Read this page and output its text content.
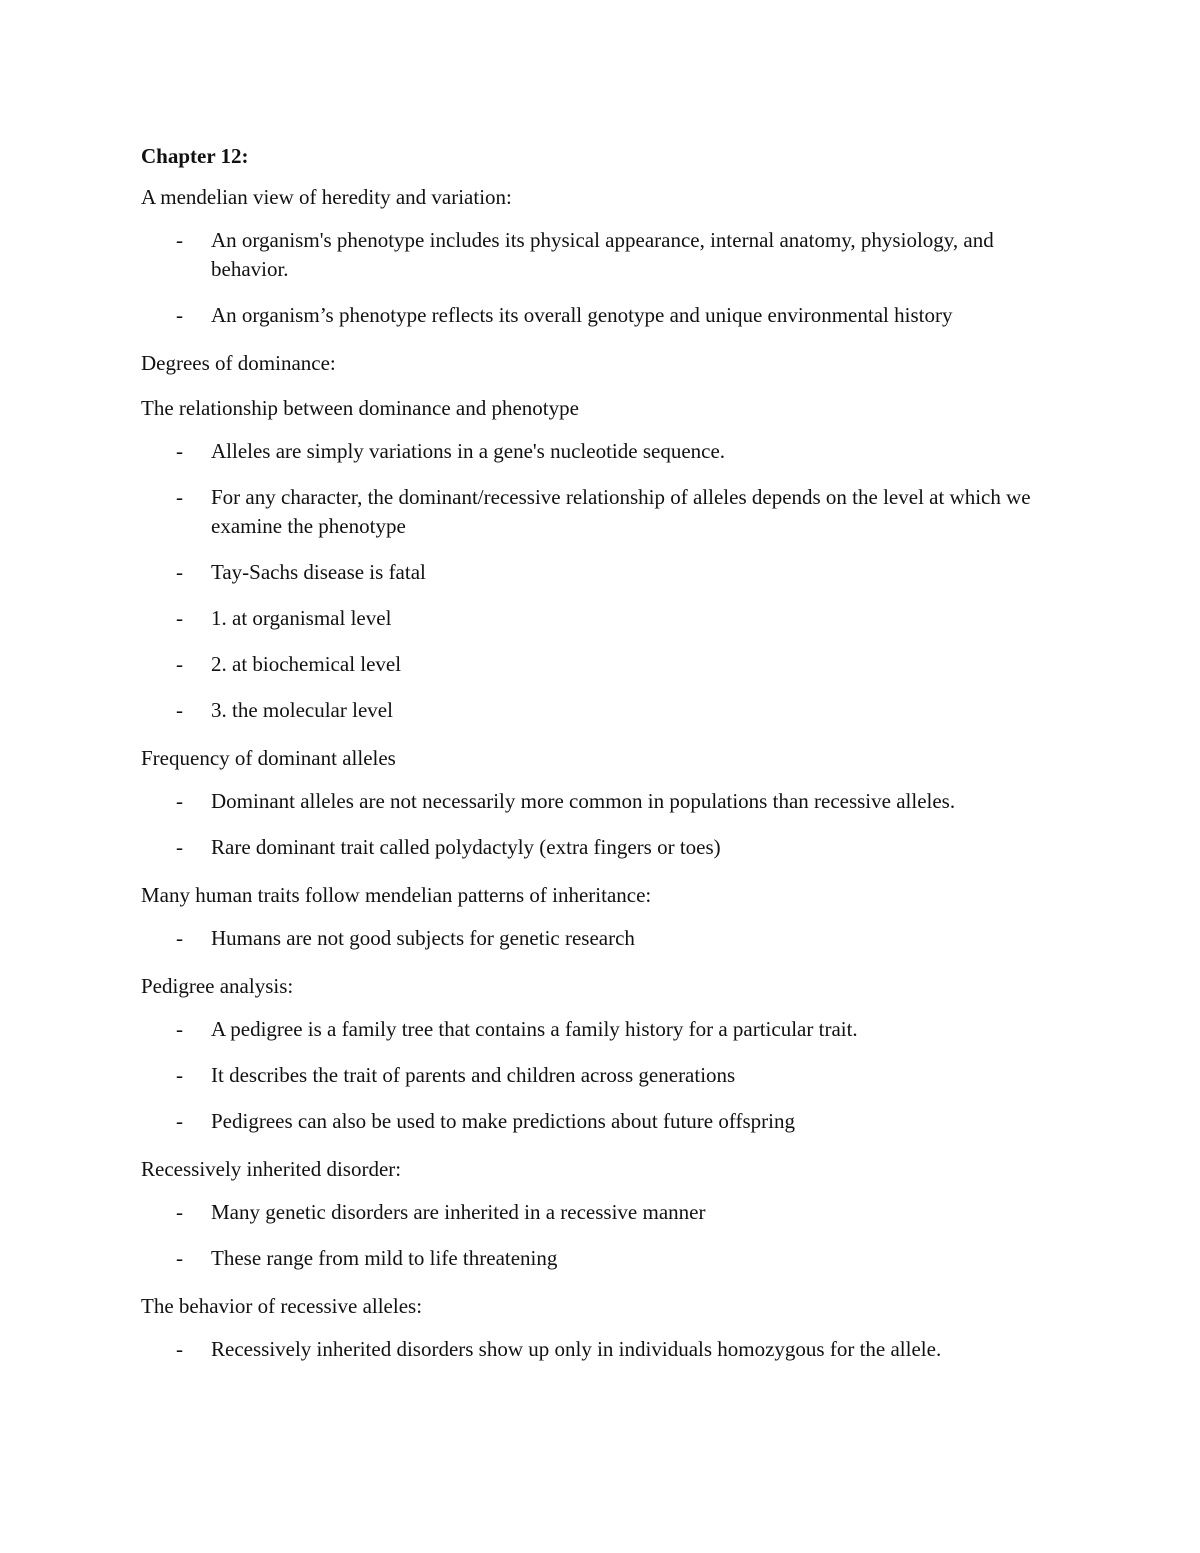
Chapter 12:
A mendelian view of heredity and variation:
- An organism's phenotype includes its physical appearance, internal anatomy, physiology, and behavior.
- An organism’s phenotype reflects its overall genotype and unique environmental history
Degrees of dominance:
The relationship between dominance and phenotype
- Alleles are simply variations in a gene's nucleotide sequence.
- For any character, the dominant/recessive relationship of alleles depends on the level at which we examine the phenotype
- Tay-Sachs disease is fatal
- 1. at organismal level
- 2. at biochemical level
- 3. the molecular level
Frequency of dominant alleles
- Dominant alleles are not necessarily more common in populations than recessive alleles.
- Rare dominant trait called polydactyly (extra fingers or toes)
Many human traits follow mendelian patterns of inheritance:
- Humans are not good subjects for genetic research
Pedigree analysis:
- A pedigree is a family tree that contains a family history for a particular trait.
- It describes the trait of parents and children across generations
- Pedigrees can also be used to make predictions about future offspring
Recessively inherited disorder:
- Many genetic disorders are inherited in a recessive manner
- These range from mild to life threatening
The behavior of recessive alleles:
- Recessively inherited disorders show up only in individuals homozygous for the allele.
